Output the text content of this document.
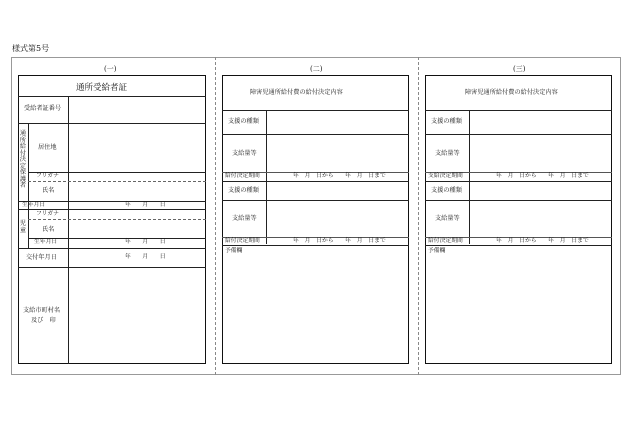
様式第5号
(一)
通所受給者証
受給者証番号
通所給付決定保護者
居住地
フリガナ
氏名
生年月日	年　　月　　日
児童
フリガナ
氏名
生年月日	年　　月　　日
交付年月日	年　　月　　日
支給市町村名
及び　印
(二)
障害児通所給付費の給付決定内容
支援の種類
支給量等
給付決定期間	年　月　日から　　年　月　日まで
支援の種類
支給量等
給付決定期間	年　月　日から　　年　月　日まで
予備欄
(三)
障害児通所給付費の給付決定内容
支援の種類
支給量等
支給決定期間	年　月　日から　　年　月　日まで
支援の種類
支給量等
給付決定期間	年　月　日から　　年　月　日まで
予備欄
